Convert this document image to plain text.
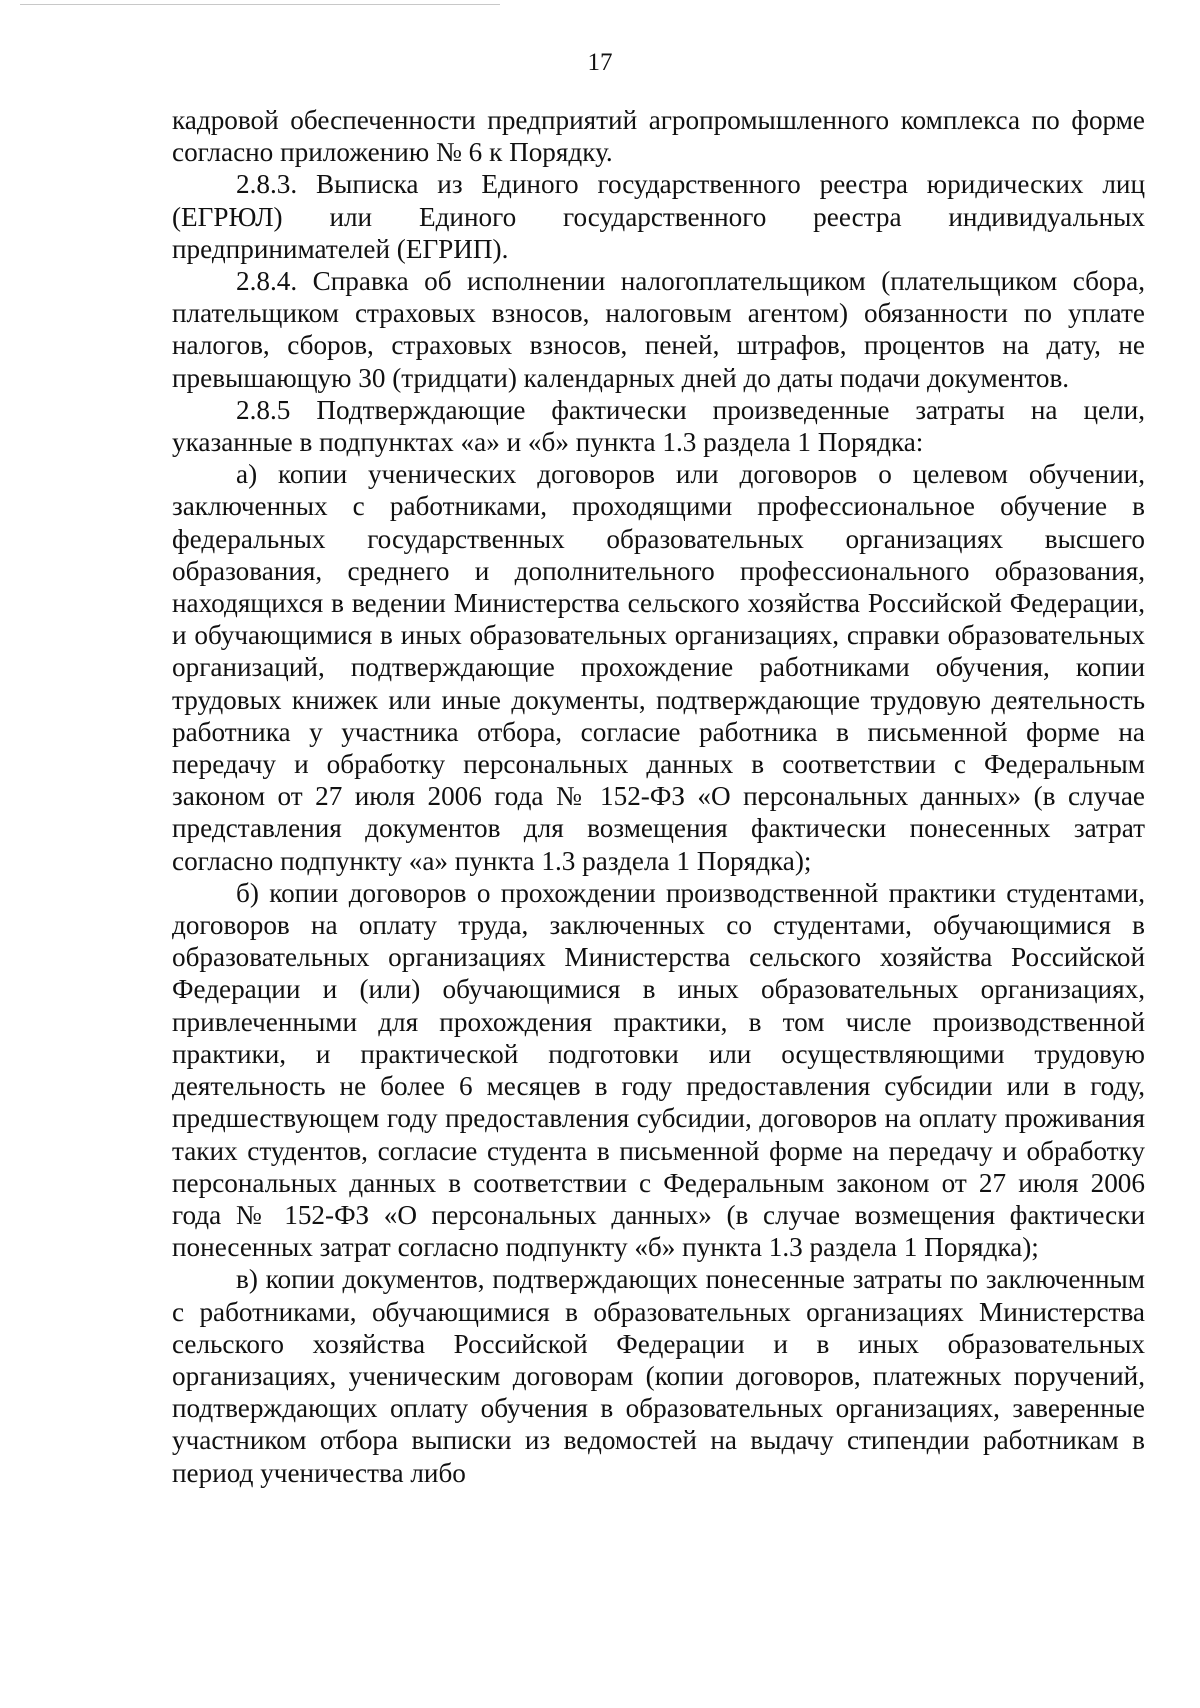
17

кадровой обеспеченности предприятий агропромышленного комплекса по форме согласно приложению № 6 к Порядку.

2.8.3. Выписка из Единого государственного реестра юридических лиц (ЕГРЮЛ) или Единого государственного реестра индивидуальных предпринимателей (ЕГРИП).

2.8.4. Справка об исполнении налогоплательщиком (плательщиком сбора, плательщиком страховых взносов, налоговым агентом) обязанности по уплате налогов, сборов, страховых взносов, пеней, штрафов, процентов на дату, не превышающую 30 (тридцати) календарных дней до даты подачи документов.

2.8.5 Подтверждающие фактически произведенные затраты на цели, указанные в подпунктах «а» и «б» пункта 1.3 раздела 1 Порядка:

а) копии ученических договоров или договоров о целевом обучении, заключенных с работниками, проходящими профессиональное обучение в федеральных государственных образовательных организациях высшего образования, среднего и дополнительного профессионального образования, находящихся в ведении Министерства сельского хозяйства Российской Федерации, и обучающимися в иных образовательных организациях, справки образовательных организаций, подтверждающие прохождение работниками обучения, копии трудовых книжек или иные документы, подтверждающие трудовую деятельность работника у участника отбора, согласие работника в письменной форме на передачу и обработку персональных данных в соответствии с Федеральным законом от 27 июля 2006 года № 152-ФЗ «О персональных данных» (в случае представления документов для возмещения фактически понесенных затрат согласно подпункту «а» пункта 1.3 раздела 1 Порядка);

б) копии договоров о прохождении производственной практики студентами, договоров на оплату труда, заключенных со студентами, обучающимися в образовательных организациях Министерства сельского хозяйства Российской Федерации и (или) обучающимися в иных образовательных организациях, привлеченными для прохождения практики, в том числе производственной практики, и практической подготовки или осуществляющими трудовую деятельность не более 6 месяцев в году предоставления субсидии или в году, предшествующем году предоставления субсидии, договоров на оплату проживания таких студентов, согласие студента в письменной форме на передачу и обработку персональных данных в соответствии с Федеральным законом от 27 июля 2006 года № 152-ФЗ «О персональных данных» (в случае возмещения фактически понесенных затрат согласно подпункту «б» пункта 1.3 раздела 1 Порядка);

в) копии документов, подтверждающих понесенные затраты по заключенным с работниками, обучающимися в образовательных организациях Министерства сельского хозяйства Российской Федерации и в иных образовательных организациях, ученическим договорам (копии договоров, платежных поручений, подтверждающих оплату обучения в образовательных организациях, заверенные участником отбора выписки из ведомостей на выдачу стипендии работникам в период ученичества либо
